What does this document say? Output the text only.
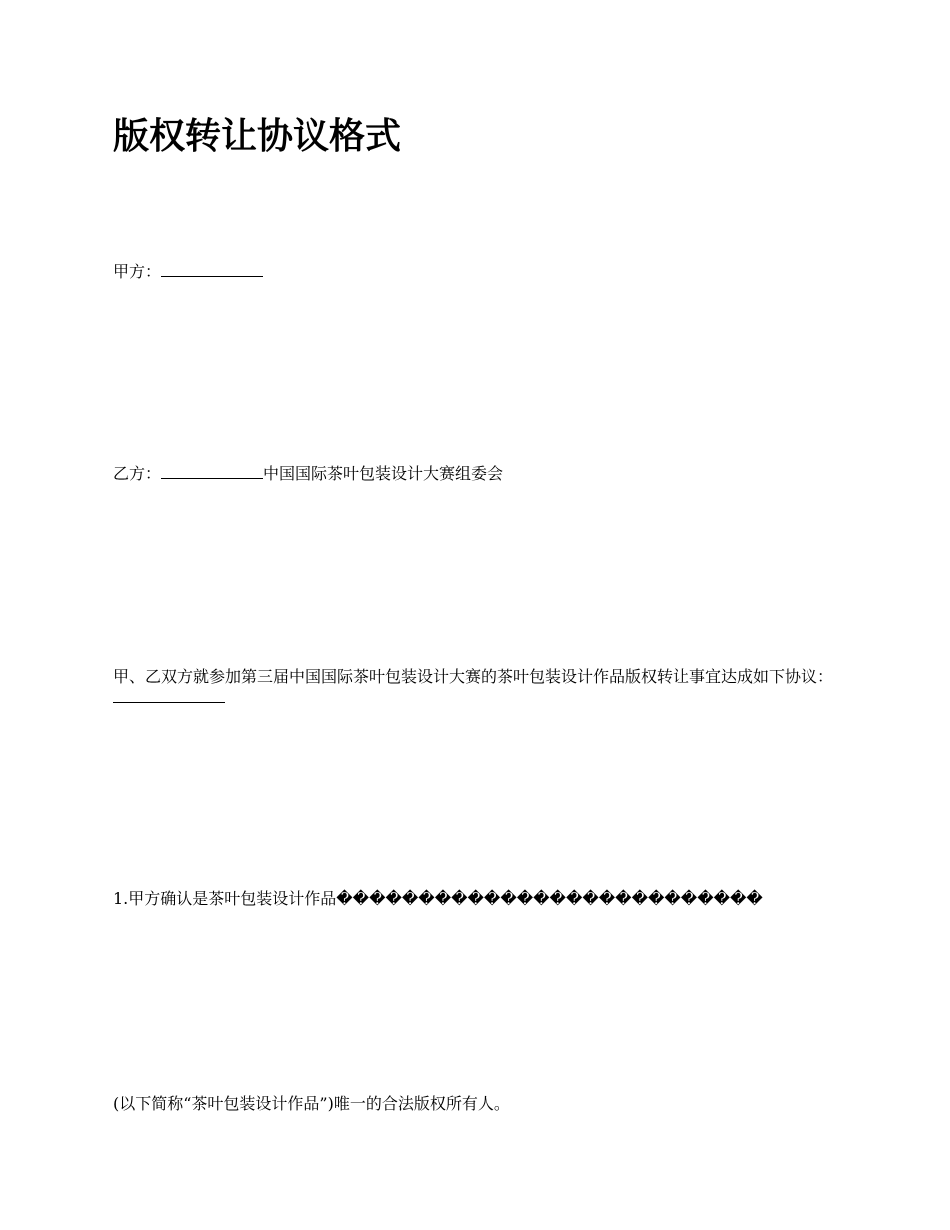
版权转让协议格式

甲方：

乙方：	中国国际茶叶包装设计大赛组委会

甲、乙双方就参加第三届中国国际茶叶包装设计大赛的茶叶包装设计作品版权转让事宜达成如下协议：

1.甲方确认是茶叶包装设计作品��������������������������

(以下简称“茶叶包装设计作品”)唯一的合法版权所有人。
